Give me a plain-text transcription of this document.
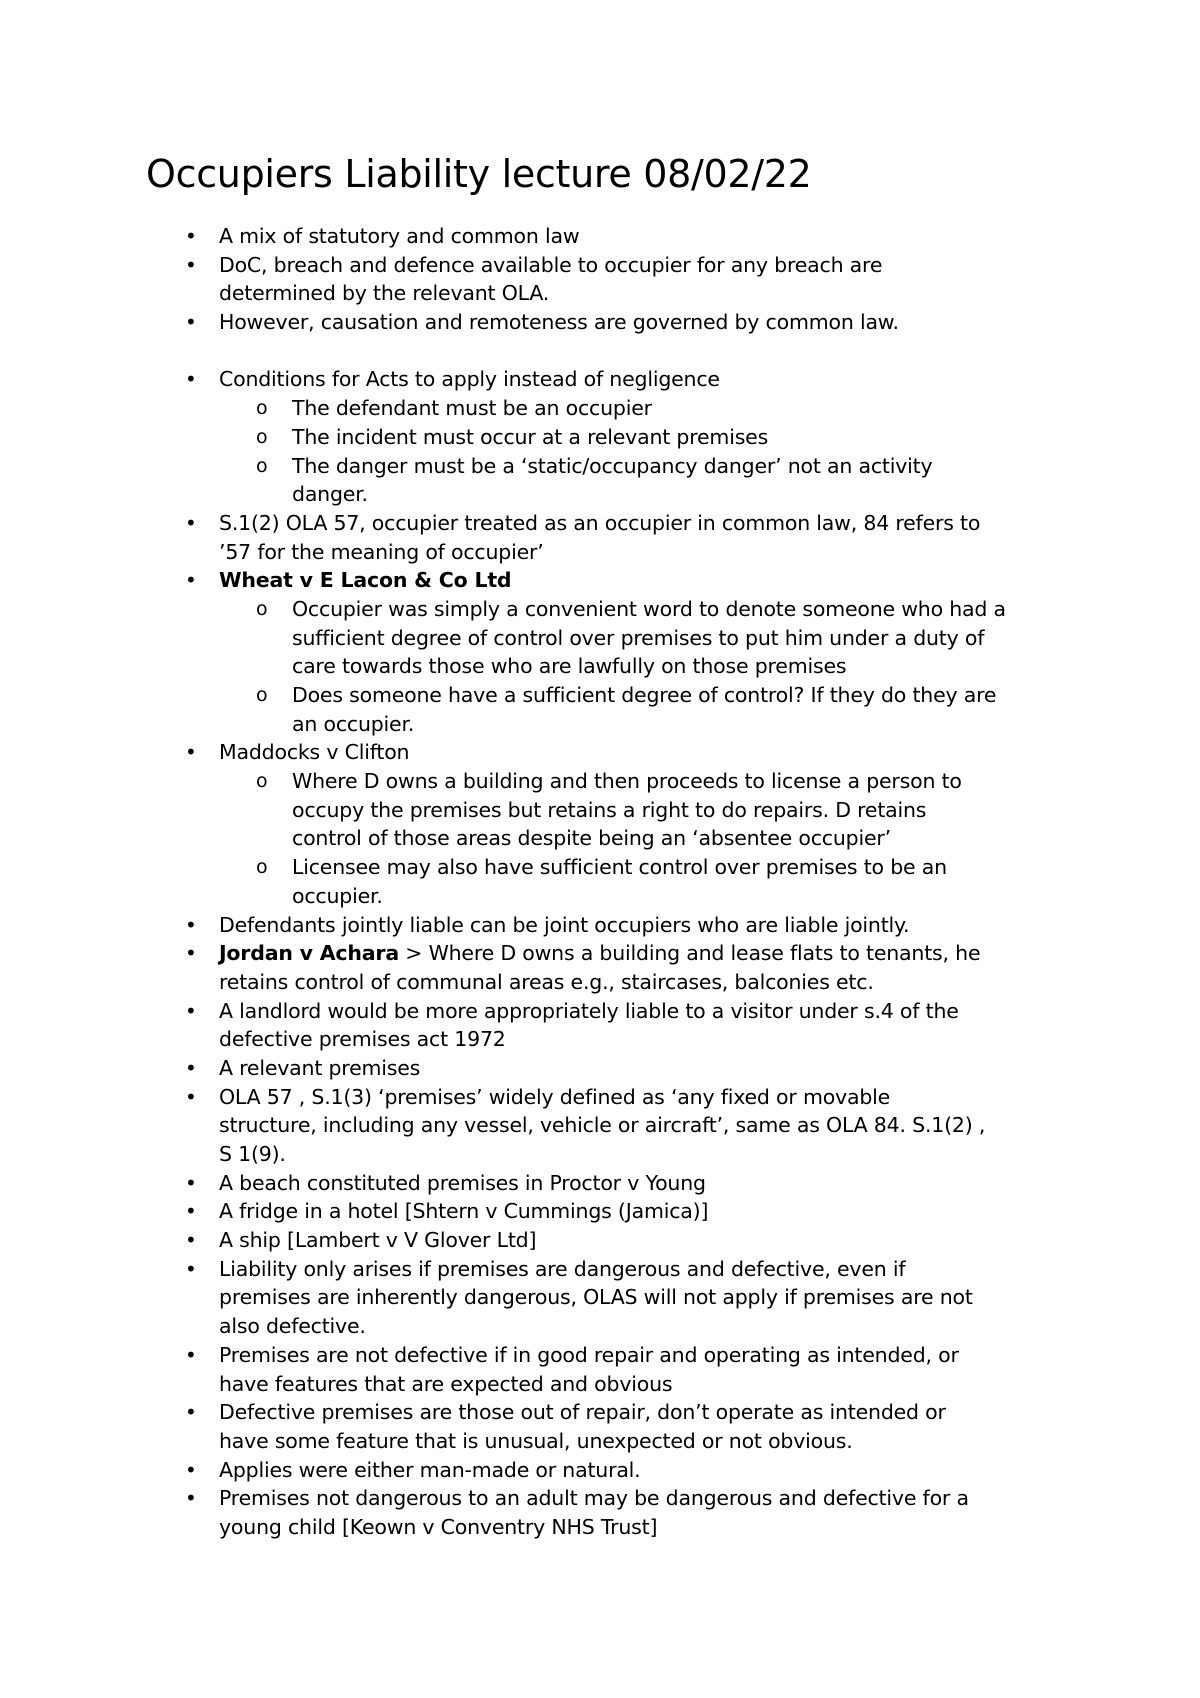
Occupiers Liability lecture 08/02/22
• A mix of statutory and common law
• DoC, breach and defence available to occupier for any breach are
determined by the relevant OLA.
• However, causation and remoteness are governed by common law.
• Conditions for Acts to apply instead of negligence
o The defendant must be an occupier
o The incident must occur at a relevant premises
o The danger must be a ‘static/occupancy danger’ not an activity
danger.
• S.1(2) OLA 57, occupier treated as an occupier in common law, 84 refers to
’57 for the meaning of occupier’
• Wheat v E Lacon & Co Ltd
o Occupier was simply a convenient word to denote someone who had a
sufficient degree of control over premises to put him under a duty of
care towards those who are lawfully on those premises
o Does someone have a sufficient degree of control? If they do they are
an occupier.
• Maddocks v Clifton
o Where D owns a building and then proceeds to license a person to
occupy the premises but retains a right to do repairs. D retains
control of those areas despite being an ‘absentee occupier’
o Licensee may also have sufficient control over premises to be an
occupier.
• Defendants jointly liable can be joint occupiers who are liable jointly.
• Jordan v Achara > Where D owns a building and lease flats to tenants, he
retains control of communal areas e.g., staircases, balconies etc.
• A landlord would be more appropriately liable to a visitor under s.4 of the
defective premises act 1972
• A relevant premises
• OLA 57 , S.1(3) ‘premises’ widely defined as ‘any fixed or movable
structure, including any vessel, vehicle or aircraft’, same as OLA 84. S.1(2) ,
S 1(9).
• A beach constituted premises in Proctor v Young
• A fridge in a hotel [Shtern v Cummings (Jamica)]
• A ship [Lambert v V Glover Ltd]
• Liability only arises if premises are dangerous and defective, even if
premises are inherently dangerous, OLAS will not apply if premises are not
also defective.
• Premises are not defective if in good repair and operating as intended, or
have features that are expected and obvious
• Defective premises are those out of repair, don’t operate as intended or
have some feature that is unusual, unexpected or not obvious.
• Applies were either man-made or natural.
• Premises not dangerous to an adult may be dangerous and defective for a
young child [Keown v Conventry NHS Trust]
